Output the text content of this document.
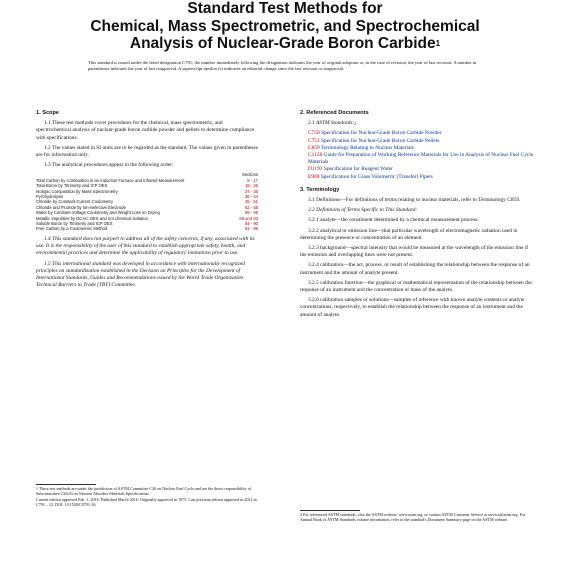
Standard Test Methods for
Chemical, Mass Spectrometric, and Spectrochemical
Analysis of Nuclear-Grade Boron Carbide$^1$
This standard is issued under the fixed designation C791; the number immediately following the designation indicates the year of original adoption or, in the case of revision, the year of last revision. A number in parentheses indicates the year of last reapproval. A superscript epsilon (ε) indicates an editorial change since the last revision or reapproval.
1. Scope
1.1 These test methods cover procedures for the chemical, mass spectrometric, and spectrochemical analysis of nuclear-grade boron carbide powder and pellets to determine compliance with specifications.
1.2 The values stated in SI units are to be regarded as the standard. The values given in parentheses are for information only.
1.3 The analytical procedures appear in the following order:
Sections
Total Carbon by Combustion in an Induction Furnace and Infrared Measurement	8 - 17
Total Boron by Titrimetry and ICP OES	18 - 26
Isotopic Composition by Mass Spectrometry	27 - 35
Pyrohydrolysis	36 - 44
Chloride by Constant-Current Coulometry	45 - 51
Chloride and Fluoride by Ion-Selective Electrode	52 - 58
Water by Constant-Voltage Coulometry and Weight Loss on Drying	59 - 65
Metallic Impurities by DCArc OES and not chemical isolation	66 and 83
Soluble Boron by Titrimetry and ICP OES	84 - 90
Free Carbon by a Coulometric Method	91 - 99
1.4 This standard does not purport to address all of the safety concerns, if any, associated with its use. It is the responsibility of the user of this standard to establish appropriate safety, health, and environmental practices and determine the applicability of regulatory limitations prior to use.
1.5 This international standard was developed in accordance with internationally recognized principles on standardization established in the Decision on Principles for the Development of International Standards, Guides and Recommendations issued by the World Trade Organization Technical Barriers to Trade (TBT) Committee.
2. Referenced Documents
2.1 ASTM Standards:$^2$
C750 Specification for Nuclear-Grade Boron Carbide Powder
C751 Specification for Nuclear-Grade Boron Carbide Pellets
C859 Terminology Relating to Nuclear Materials
C1128 Guide for Preparation of Working Reference Materials for Use in Analysis of Nuclear Fuel Cycle Materials
D1193 Specification for Reagent Water
E969 Specification for Glass Volumetric (Transfer) Pipets
3. Terminology
3.1 Definitions—For definitions of terms relating to nuclear materials, refer to Terminology C859.
3.2 Definitions of Terms Specific to This Standard:
3.2.1 analyte—the constituent determined by a chemical measurement process.
3.2.2 analytical or emission line—that particular wavelength of electromagnetic radiation used in determining the presence or concentration of an element.
3.2.3 background—spectral intensity that would be measured at the wavelength of the emission line if the emission and overlapping lines were not present.
3.2.4 calibration—the act, process, or result of establishing the relationship between the response of an instrument and the amount of analyte present.
3.2.5 calibration function—the graphical or mathematical representation of the relationship between the response of an instrument and the concentration or mass of the analyte.
3.2.6 calibration samples or solutions—samples of reference with known analyte contents or analyte concentrations, respectively, to establish the relationship between the response of an instrument and the amount of analyte.
1 These test methods are under the jurisdiction of ASTM Committee C26 on Nuclear Fuel Cycle and are the direct responsibility of Subcommittee C26.03 on Neutron Absorber Materials Specifications.
Current edition approved Feb. 1, 2016. Published March 2016. Originally approved in 1975. Last previous edition approved in 2012 as C791 – 12. DOI: 10.1520/C0791-16.
2 For referenced ASTM standards, visit the ASTM website, www.astm.org, or contact ASTM Customer Service at service@astm.org. For Annual Book of ASTM Standards volume information, refer to the standard's Document Summary page on the ASTM website.
